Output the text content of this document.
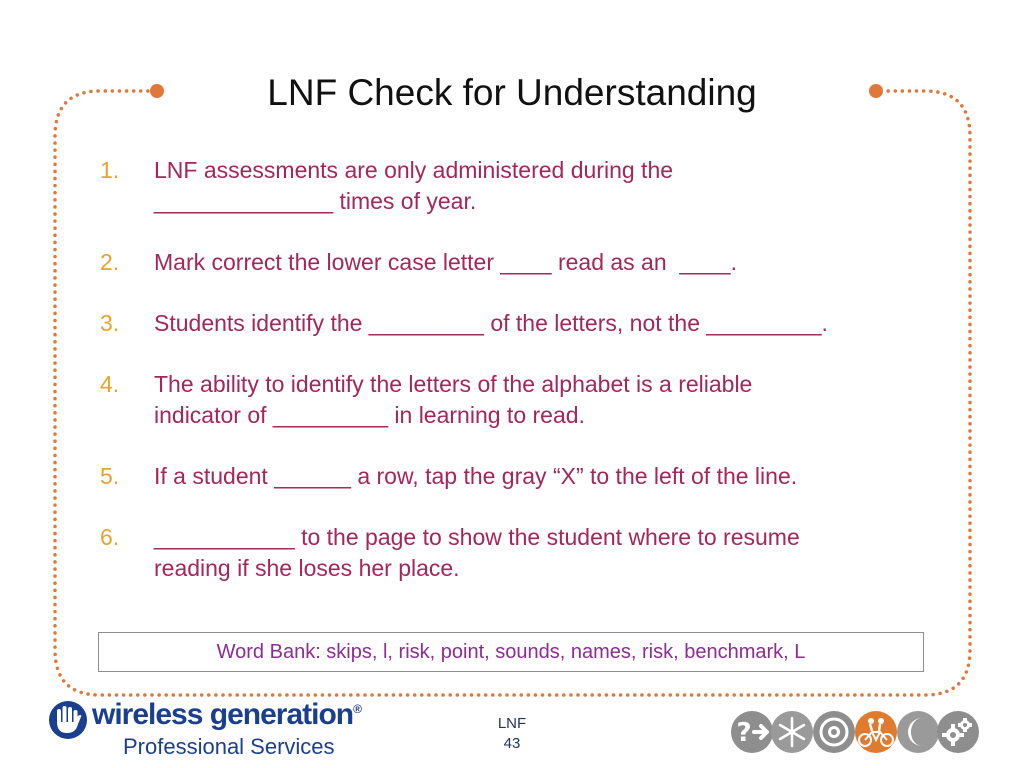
LNF Check for Understanding
1.	LNF assessments are only administered during the
______________ times of year.
2.	Mark correct the lower case letter ____ read as an  ____.
3.	Students identify the _________ of the letters, not the _________.
4.	The ability to identify the letters of the alphabet is a reliable
indicator of _________ in learning to read.
5.	If a student ______ a row, tap the gray “X” to the left of the line.
6.	___________ to the page to show the student where to resume
reading if she loses her place.
Word Bank: skips, l, risk, point, sounds, names, risk, benchmark, L
wireless generation®
Professional Services
LNF
43	?
